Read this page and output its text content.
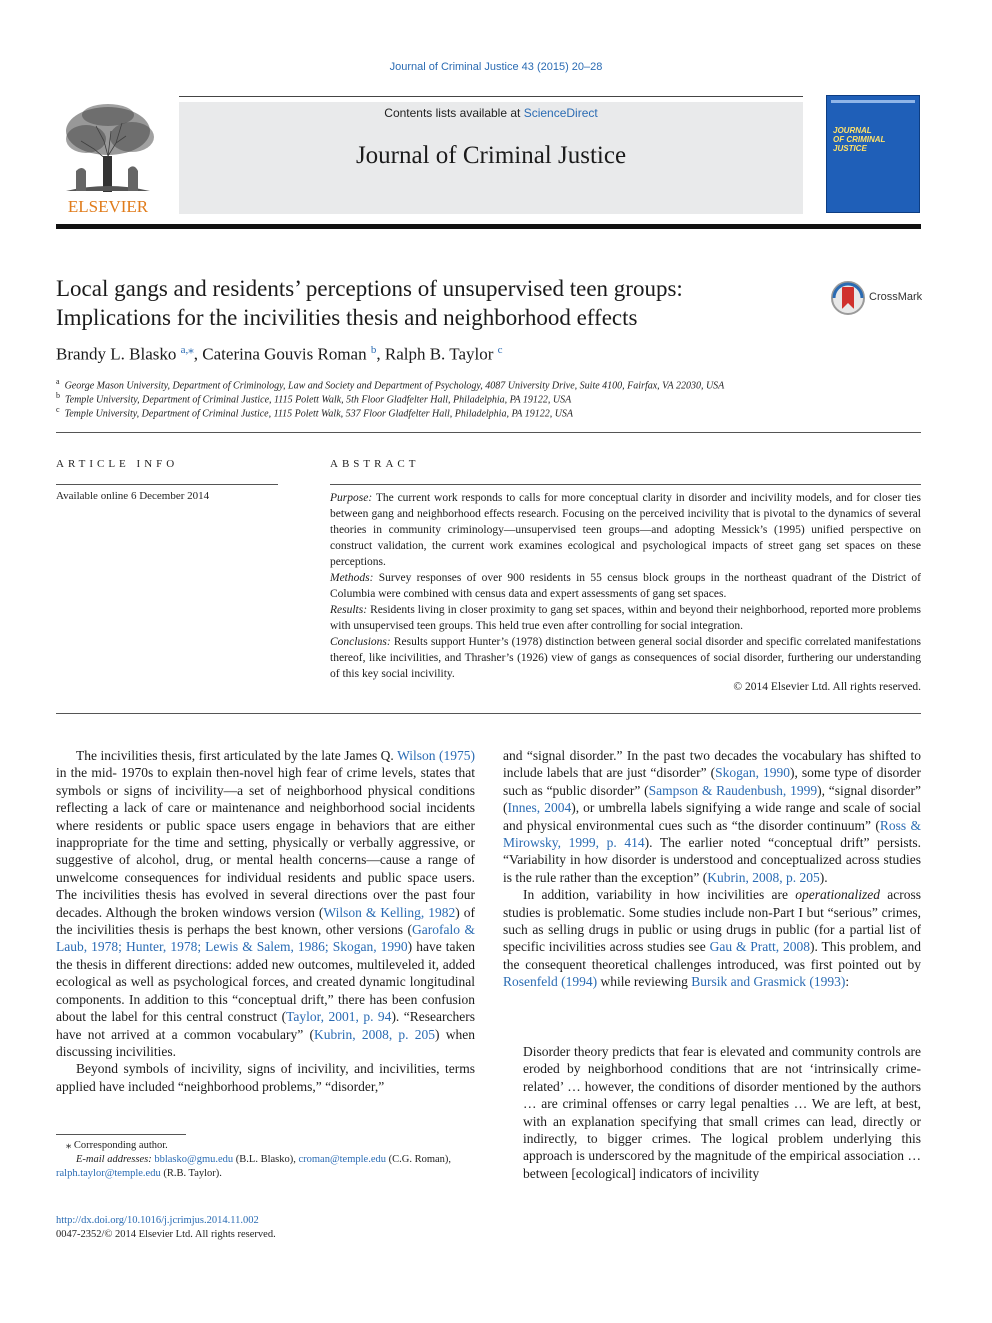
Journal of Criminal Justice 43 (2015) 20–28
ELSEVIER
Contents lists available at ScienceDirect
Journal of Criminal Justice
JOURNAL
OF CRIMINAL
JUSTICE
Local gangs and residents’ perceptions of unsupervised teen groups:
Implications for the incivilities thesis and neighborhood effects
CrossMark
Brandy L. Blasko $^{a,⁎}$, Caterina Gouvis Roman $^b$, Ralph B. Taylor $^c$
$^a$ George Mason University, Department of Criminology, Law and Society and Department of Psychology, 4087 University Drive, Suite 4100, Fairfax, VA 22030, USA
$^b$ Temple University, Department of Criminal Justice, 1115 Polett Walk, 5th Floor Gladfelter Hall, Philadelphia, PA 19122, USA
$^c$ Temple University, Department of Criminal Justice, 1115 Polett Walk, 537 Floor Gladfelter Hall, Philadelphia, PA 19122, USA
ARTICLE INFO	ABSTRACT
Available online 6 December 2014	Purpose: The current work responds to calls for more conceptual clarity in disorder and incivility models, and for closer ties between gang and neighborhood effects research. Focusing on the perceived incivility that is pivotal to the dynamics of several theories in community criminology—unsupervised teen groups—and adopting Messick’s (1995) unified perspective on construct validation, the current work examines ecological and psychological impacts of street gang set spaces on these perceptions.

Methods: Survey responses of over 900 residents in 55 census block groups in the northeast quadrant of the District of Columbia were combined with census data and expert assessments of gang set spaces.

Results: Residents living in closer proximity to gang set spaces, within and beyond their neighborhood, reported more problems with unsupervised teen groups. This held true even after controlling for social integration.

Conclusions: Results support Hunter’s (1978) distinction between general social disorder and specific correlated manifestations thereof, like incivilities, and Thrasher’s (1926) view of gangs as consequences of social disorder, furthering our understanding of this key social incivility.

© 2014 Elsevier Ltd. All rights reserved.

The incivilities thesis, first articulated by the late James Q. Wilson (1975) in the mid- 1970s to explain then-novel high fear of crime levels, states that symbols or signs of incivility—a set of neighborhood physical conditions reflecting a lack of care or maintenance and neighborhood social incidents where residents or public space users engage in behaviors that are either inappropriate for the time and setting, physically or verbally aggressive, or suggestive of alcohol, drug, or mental health concerns—cause a range of unwelcome consequences for individual residents and public space users. The incivilities thesis has evolved in several directions over the past four decades. Although the broken windows version (Wilson & Kelling, 1982) of the incivilities thesis is perhaps the best known, other versions (Garofalo & Laub, 1978; Hunter, 1978; Lewis & Salem, 1986; Skogan, 1990) have taken the thesis in different directions: added new outcomes, multileveled it, added ecological as well as psychological forces, and created dynamic longitudinal components. In addition to this “conceptual drift,” there has been confusion about the label for this central construct (Taylor, 2001, p. 94). “Researchers have not arrived at a common vocabulary” (Kubrin, 2008, p. 205) when discussing incivilities.

Beyond symbols of incivility, signs of incivility, and incivilities, terms applied have included “neighborhood problems,” “disorder,”

and “signal disorder.” In the past two decades the vocabulary has shifted to include labels that are just “disorder” (Skogan, 1990), some type of disorder such as “public disorder” (Sampson & Raudenbush, 1999), “signal disorder” (Innes, 2004), or umbrella labels signifying a wide range and scale of social and physical environmental cues such as “the disorder continuum” (Ross & Mirowsky, 1999, p. 414). The earlier noted “conceptual drift” persists. “Variability in how disorder is understood and conceptualized across studies is the rule rather than the exception” (Kubrin, 2008, p. 205).

In addition, variability in how incivilities are operationalized across studies is problematic. Some studies include non-Part I but “serious” crimes, such as selling drugs in public or using drugs in public (for a partial list of specific incivilities across studies see Gau & Pratt, 2008). This problem, and the consequent theoretical challenges introduced, was first pointed out by Rosenfeld (1994) while reviewing Bursik and Grasmick (1993):

Disorder theory predicts that fear is elevated and community controls are eroded by neighborhood conditions that are not ‘intrinsically crime-related’ … however, the conditions of disorder mentioned by the authors … are criminal offenses or carry legal penalties … We are left, at best, with an explanation specifying that small crimes can lead, directly or indirectly, to bigger crimes. The logical problem underlying this approach is underscored by the magnitude of the empirical association … between [ecological] indicators of incivility
⁎ Corresponding author.
E-mail addresses: bblasko@gmu.edu (B.L. Blasko), croman@temple.edu (C.G. Roman),
ralph.taylor@temple.edu (R.B. Taylor).
http://dx.doi.org/10.1016/j.jcrimjus.2014.11.002
0047-2352/© 2014 Elsevier Ltd. All rights reserved.
